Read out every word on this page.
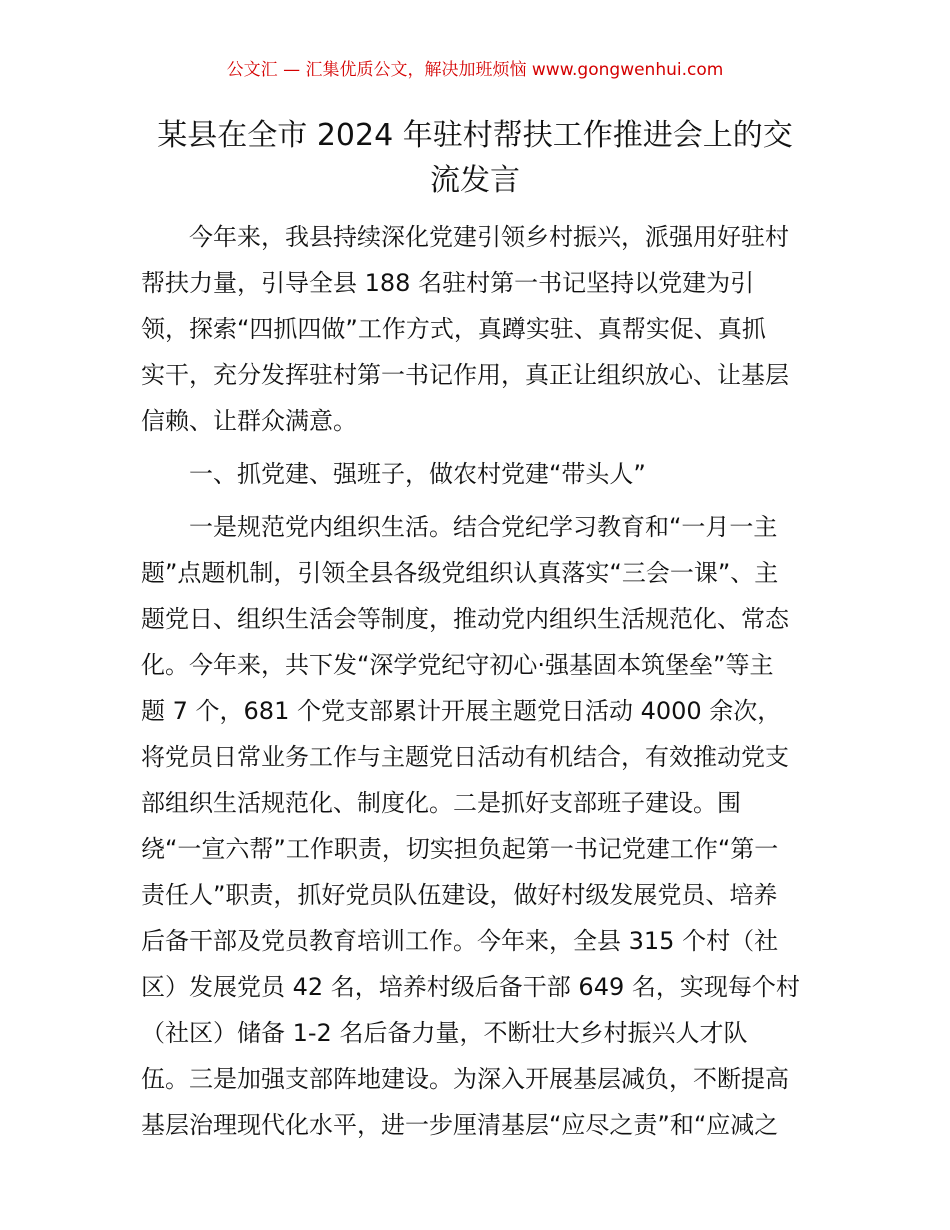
公文汇 — 汇集优质公文，解决加班烦恼 www.gongwenhui.com
某县在全市 2024 年驻村帮扶工作推进会上的交
流发言
今年来，我县持续深化党建引领乡村振兴，派强用好驻村
帮扶力量，引导全县 188 名驻村第一书记坚持以党建为引
领，探索“四抓四做”工作方式，真蹲实驻、真帮实促、真抓
实干，充分发挥驻村第一书记作用，真正让组织放心、让基层
信赖、让群众满意。
一、抓党建、强班子，做农村党建“带头人”
一是规范党内组织生活。结合党纪学习教育和“一月一主
题”点题机制，引领全县各级党组织认真落实“三会一课”、主
题党日、组织生活会等制度，推动党内组织生活规范化、常态
化。今年来，共下发“深学党纪守初心·强基固本筑堡垒”等主
题 7 个，681 个党支部累计开展主题党日活动 4000 余次，
将党员日常业务工作与主题党日活动有机结合，有效推动党支
部组织生活规范化、制度化。二是抓好支部班子建设。围
绕“一宣六帮”工作职责，切实担负起第一书记党建工作“第一
责任人”职责，抓好党员队伍建设，做好村级发展党员、培养
后备干部及党员教育培训工作。今年来，全县 315 个村（社
区）发展党员 42 名，培养村级后备干部 649 名，实现每个村
（社区）储备 1-2 名后备力量，不断壮大乡村振兴人才队
伍。三是加强支部阵地建设。为深入开展基层减负，不断提高
基层治理现代化水平，进一步厘清基层“应尽之责”和“应减之
